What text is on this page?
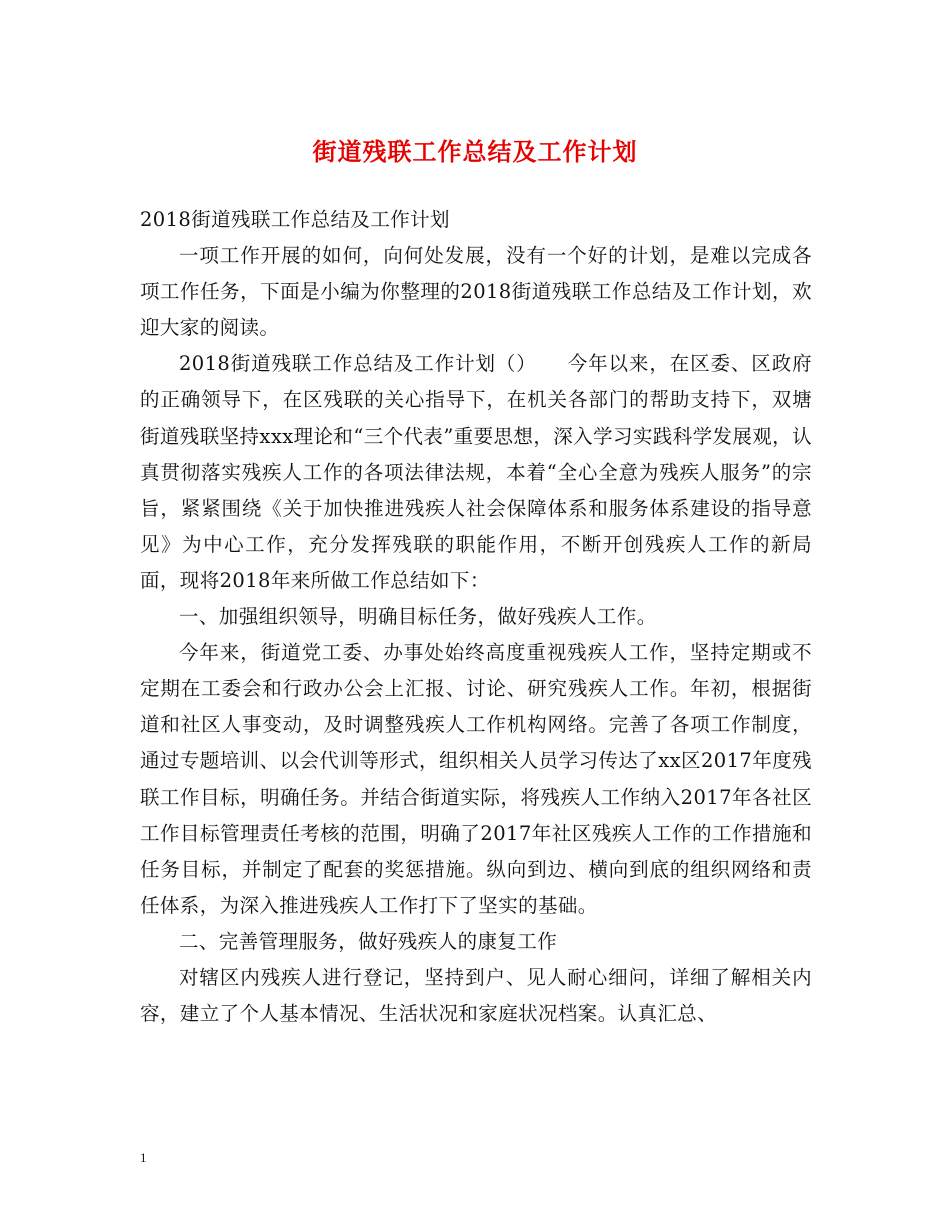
街道残联工作总结及工作计划

2018街道残联工作总结及工作计划

一项工作开展的如何，向何处发展，没有一个好的计划，是难以完成各项工作任务，下面是小编为你整理的2018街道残联工作总结及工作计划，欢迎大家的阅读。

2018街道残联工作总结及工作计划（）　　今年以来，在区委、区政府的正确领导下，在区残联的关心指导下，在机关各部门的帮助支持下，双塘街道残联坚持xxx理论和“三个代表”重要思想，深入学习实践科学发展观，认真贯彻落实残疾人工作的各项法律法规，本着“全心全意为残疾人服务”的宗旨，紧紧围绕《关于加快推进残疾人社会保障体系和服务体系建设的指导意见》为中心工作，充分发挥残联的职能作用，不断开创残疾人工作的新局面，现将2018年来所做工作总结如下：

一、加强组织领导，明确目标任务，做好残疾人工作。

今年来，街道党工委、办事处始终高度重视残疾人工作，坚持定期或不定期在工委会和行政办公会上汇报、讨论、研究残疾人工作。年初，根据街道和社区人事变动，及时调整残疾人工作机构网络。完善了各项工作制度，通过专题培训、以会代训等形式，组织相关人员学习传达了xx区2017年度残联工作目标，明确任务。并结合街道实际，将残疾人工作纳入2017年各社区工作目标管理责任考核的范围，明确了2017年社区残疾人工作的工作措施和任务目标，并制定了配套的奖惩措施。纵向到边、横向到底的组织网络和责任体系，为深入推进残疾人工作打下了坚实的基础。

二、完善管理服务，做好残疾人的康复工作

对辖区内残疾人进行登记，坚持到户、见人耐心细问，详细了解相关内容，建立了个人基本情况、生活状况和家庭状况档案。认真汇总、

1
